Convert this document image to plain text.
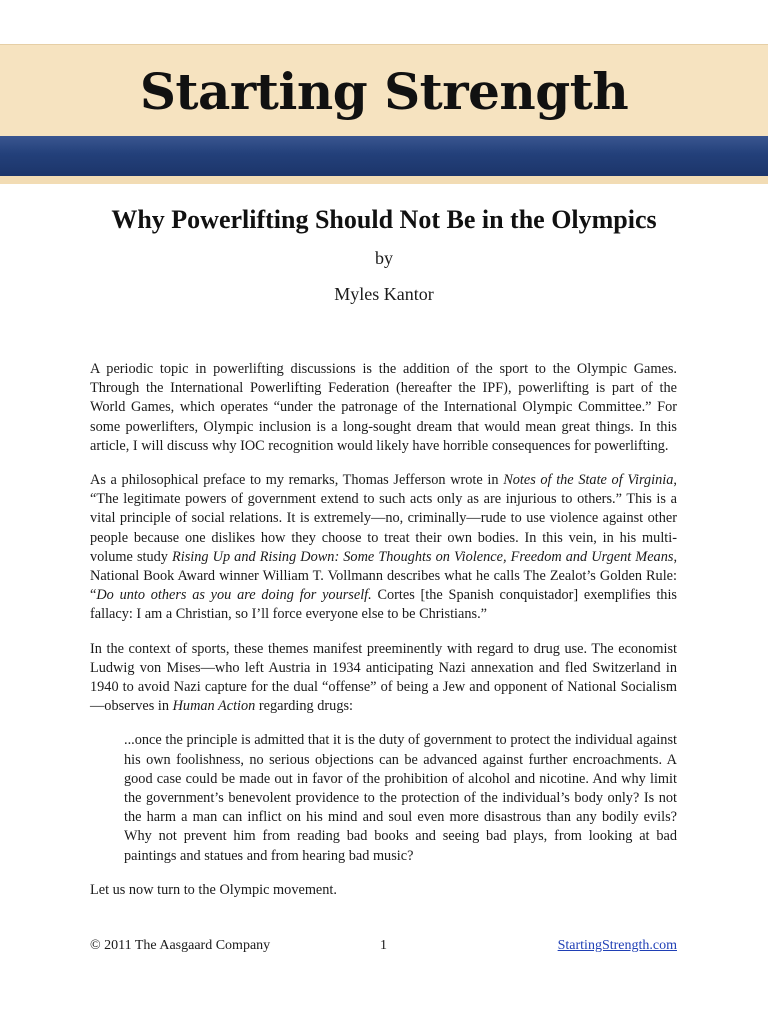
Starting Strength
Why Powerlifting Should Not Be in the Olympics
by
Myles Kantor

A periodic topic in powerlifting discussions is the addition of the sport to the Olympic Games. Through the International Powerlifting Federation (hereafter the IPF), powerlifting is part of the World Games, which operates “under the patronage of the International Olympic Committee.” For some powerlifters, Olympic inclusion is a long-sought dream that would mean great things. In this article, I will discuss why IOC recognition would likely have horrible consequences for powerlifting.

As a philosophical preface to my remarks, Thomas Jefferson wrote in Notes of the State of Virginia, “The legitimate powers of government extend to such acts only as are injurious to others.” This is a vital principle of social relations. It is extremely—no, criminally—rude to use violence against other people because one dislikes how they choose to treat their own bodies. In this vein, in his multi-volume study Rising Up and Rising Down: Some Thoughts on Violence, Freedom and Urgent Means, National Book Award winner William T. Vollmann describes what he calls The Zealot’s Golden Rule: “Do unto others as you are doing for yourself. Cortes [the Spanish conquistador] exemplifies this fallacy: I am a Christian, so I’ll force everyone else to be Christians.”

In the context of sports, these themes manifest preeminently with regard to drug use. The economist Ludwig von Mises—who left Austria in 1934 anticipating Nazi annexation and fled Switzerland in 1940 to avoid Nazi capture for the dual “offense” of being a Jew and opponent of National Socialism—observes in Human Action regarding drugs:

...once the principle is admitted that it is the duty of government to protect the individual against his own foolishness, no serious objections can be advanced against further encroachments. A good case could be made out in favor of the prohibition of alcohol and nicotine. And why limit the government’s benevolent providence to the protection of the individual’s body only? Is not the harm a man can inflict on his mind and soul even more disastrous than any bodily evils? Why not prevent him from reading bad books and seeing bad plays, from looking at bad paintings and statues and from hearing bad music?

Let us now turn to the Olympic movement.

© 2011 The Aasgaard Company	1	StartingStrength.com
